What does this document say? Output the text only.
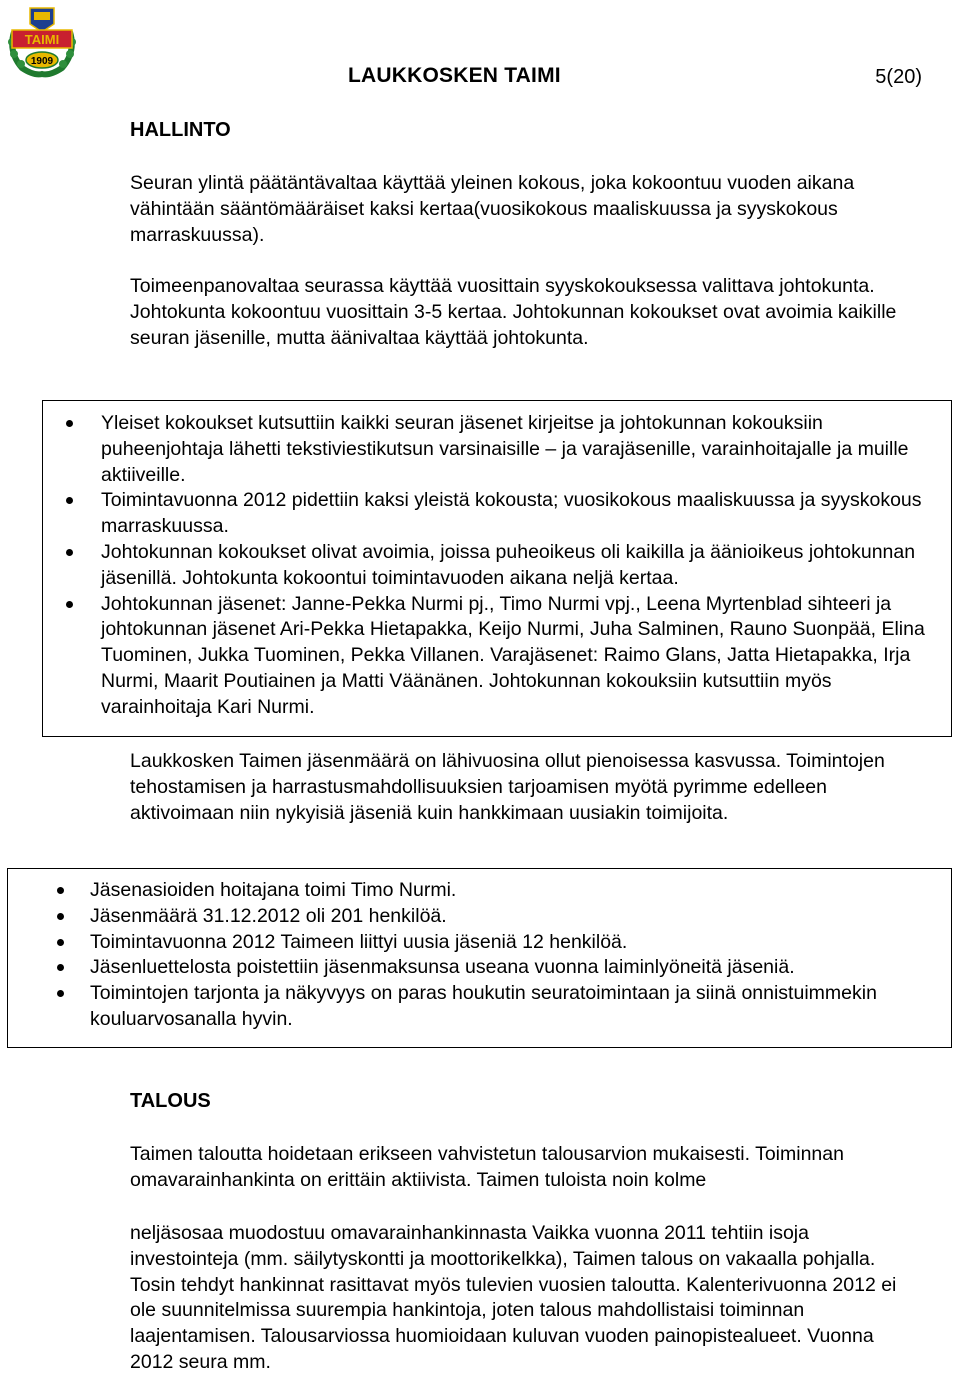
TAIMI
1909
LAUKKOSKEN TAIMI	5(20)
HALLINTO

Seuran ylintä päätäntävaltaa käyttää yleinen kokous, joka kokoontuu vuoden aikana vähintään sääntömääräiset kaksi kertaa(vuosikokous maaliskuussa ja syyskokous marraskuussa).

Toimeenpanovaltaa seurassa käyttää vuosittain syyskokouksessa valittava johtokunta. Johtokunta kokoontuu vuosittain 3-5 kertaa. Johtokunnan kokoukset ovat avoimia kaikille seuran jäsenille, mutta äänivaltaa käyttää johtokunta.

Yleiset kokoukset kutsuttiin kaikki seuran jäsenet kirjeitse ja johtokunnan kokouksiin puheenjohtaja lähetti tekstiviestikutsun varsinaisille – ja varajäsenille, varainhoitajalle ja muille aktiiveille.
Toimintavuonna 2012 pidettiin kaksi yleistä kokousta; vuosikokous maaliskuussa ja syyskokous marraskuussa.
Johtokunnan kokoukset olivat avoimia, joissa puheoikeus oli kaikilla ja äänioikeus johtokunnan jäsenillä. Johtokunta kokoontui toimintavuoden aikana neljä kertaa.
Johtokunnan jäsenet: Janne-Pekka Nurmi pj., Timo Nurmi vpj., Leena Myrtenblad sihteeri ja johtokunnan jäsenet Ari-Pekka Hietapakka, Keijo Nurmi, Juha Salminen, Rauno Suonpää, Elina Tuominen, Jukka Tuominen, Pekka Villanen. Varajäsenet: Raimo Glans, Jatta Hietapakka, Irja Nurmi, Maarit Poutiainen ja Matti Väänänen. Johtokunnan kokouksiin kutsuttiin myös varainhoitaja Kari Nurmi.

Laukkosken Taimen jäsenmäärä on lähivuosina ollut pienoisessa kasvussa. Toimintojen tehostamisen ja harrastusmahdollisuuksien tarjoamisen myötä pyrimme edelleen aktivoimaan niin nykyisiä jäseniä kuin hankkimaan uusiakin toimijoita.

Jäsenasioiden hoitajana toimi Timo Nurmi.
Jäsenmäärä 31.12.2012 oli 201 henkilöä.
Toimintavuonna 2012 Taimeen liittyi uusia jäseniä 12 henkilöä.
Jäsenluettelosta poistettiin jäsenmaksunsa useana vuonna laiminlyöneitä jäseniä.
Toimintojen tarjonta ja näkyvyys on paras houkutin seuratoimintaan ja siinä onnistuimmekin kouluarvosanalla hyvin.
TALOUS

Taimen taloutta hoidetaan erikseen vahvistetun talousarvion mukaisesti. Toiminnan omavarainhankinta on erittäin aktiivista. Taimen tuloista noin kolme

neljäsosaa muodostuu omavarainhankinnasta Vaikka vuonna 2011 tehtiin isoja investointeja (mm. säilytyskontti ja moottorikelkka), Taimen talous on vakaalla pohjalla. Tosin tehdyt hankinnat rasittavat myös tulevien vuosien taloutta. Kalenterivuonna 2012 ei ole suunnitelmissa suurempia hankintoja, joten talous mahdollistaisi toiminnan laajentamisen. Talousarviossa huomioidaan kuluvan vuoden painopistealueet. Vuonna 2012 seura mm.
